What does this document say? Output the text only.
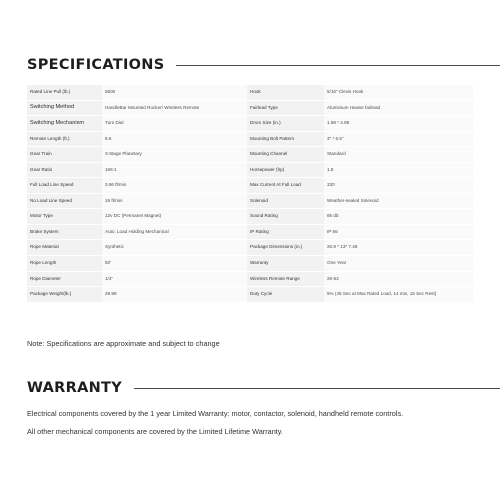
SPECIFICATIONS
Rated Line Pull (lb.)	5500	Hook	5/16" Clevis Hook
Switching Method	HandleBar Mounted Rocker/ Wireless Remote	Fairlead Type	Aluminium Hawse fairlead
Switching Mechanism	Turn Dial	Drum Size (in.)	1.98 * 4.88
Remote Length (ft.)	9.5	Mounting Bolt Pattern	3" * 6.5"
Gear Train	3-Stage Planetary	Mounting Channel	Standard
Gear Ratio	166:1	Horsepower (hp)	1.8
Full Load Line Speed	3.96 ft/min	Max Current At Full Load	330
No Load Line Speed	19 ft/min	Solenoid	Weather-sealed Solenoid
Motor Type	12v DC (Permanet Magnet)	Sound Rating	85 db
Brake System	Auto. Load Holding Mechanical	IP Rating	IP 66
Rope Material	Synthetic	Package Dimensions (in.)	20.9 * 13* 7.48
Rope Length	50'	Warranty	One Year
Rope Diameter	1/4"	Wireless Remote Range	26-52
Package Weight(lb.)	29.98	Duty Cycle	5% (45 Sec at Max Rated Load, 14 min, 15 Sec Rest)
Note: Specifications are approximate and subject to change
WARRANTY
Electrical components covered by the 1 year Limited Warranty: motor, contactor, solenoid, handheld remote controls.
All other mechanical components are covered by the Limited Lifetime Warranty.
